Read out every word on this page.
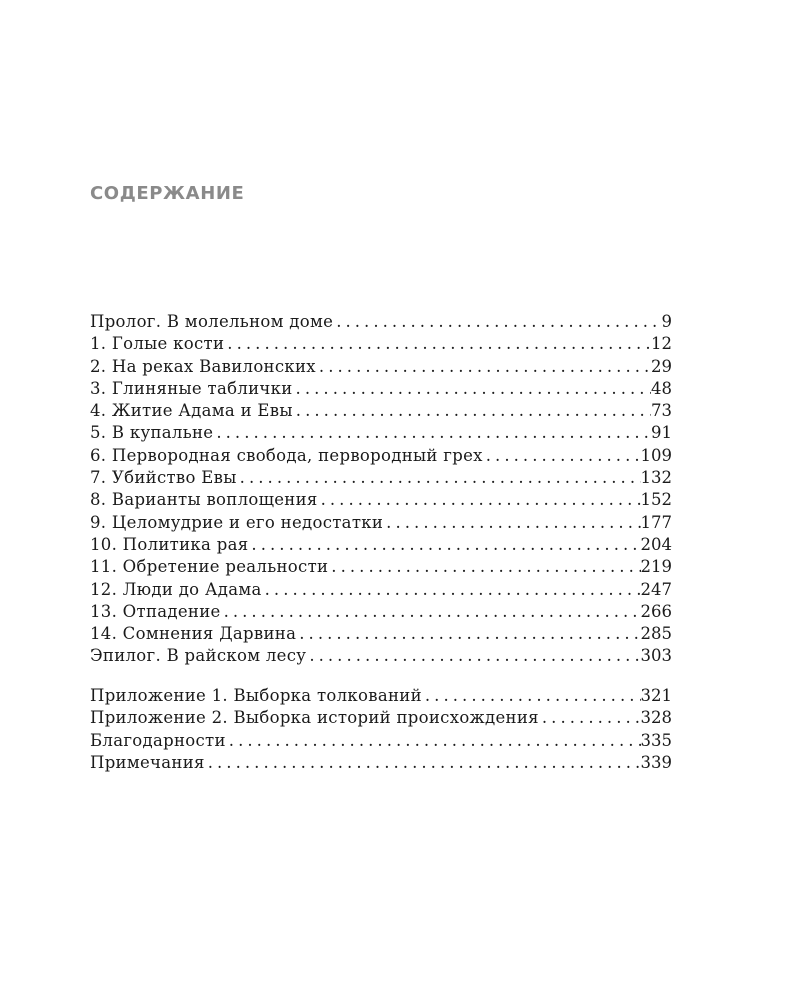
СОДЕРЖАНИЕ
Пролог. В молельном доме . . .	9
1. Голые кости . . .	12
2. На реках Вавилонских . . .	29
3. Глиняные таблички . . .	48
4. Житие Адама и Евы . . .	73
5. В купальне . . .	91
6. Первородная свобода, первородный грех . . .	109
7. Убийство Евы . . .	132
8. Варианты воплощения . . .	152
9. Целомудрие и его недостатки . . .	177
10. Политика рая . . .	204
11. Обретение реальности . . .	219
12. Люди до Адама . . .	247
13. Отпадение . . .	266
14. Сомнения Дарвина . . .	285
Эпилог. В райском лесу . . .	303
Приложение 1. Выборка толкований . . .	321
Приложение 2. Выборка историй происхождения . . .	328
Благодарности . . .	335
Примечания . . .	339
